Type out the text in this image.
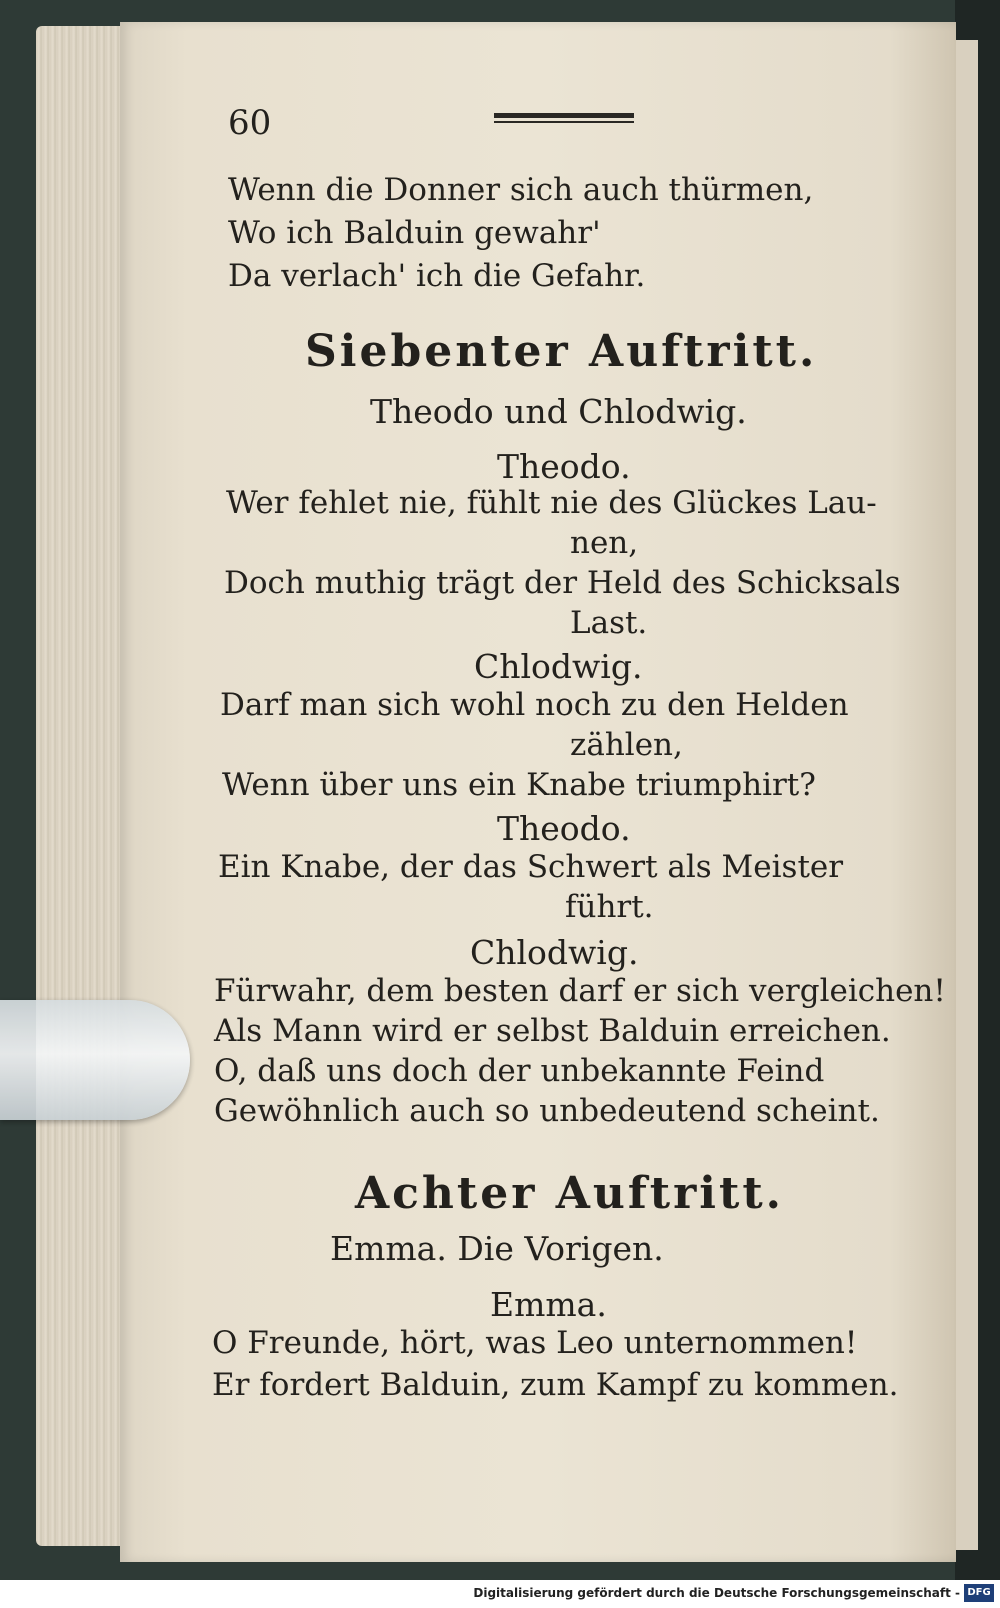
60
Wenn die Donner sich auch thürmen,
Wo ich Balduin gewahr'
Da verlach' ich die Gefahr.
Siebenter Auftritt.
Theodo und Chlodwig.
Theodo.
Wer fehlet nie, fühlt nie des Glückes Lau-
nen,
Doch muthig trägt der Held des Schicksals
Last.
Chlodwig.
Darf man sich wohl noch zu den Helden
zählen,
Wenn über uns ein Knabe triumphirt?
Theodo.
Ein Knabe, der das Schwert als Meister
führt.
Chlodwig.
Fürwahr, dem besten darf er sich vergleichen!
Als Mann wird er selbst Balduin erreichen.
O, daß uns doch der unbekannte Feind
Gewöhnlich auch so unbedeutend scheint.
Achter Auftritt.
Emma. Die Vorigen.
Emma.
O Freunde, hört, was Leo unternommen!
Er fordert Balduin, zum Kampf zu kommen.
Digitalisierung gefördert durch die Deutsche Forschungsgemeinschaft - DFG
